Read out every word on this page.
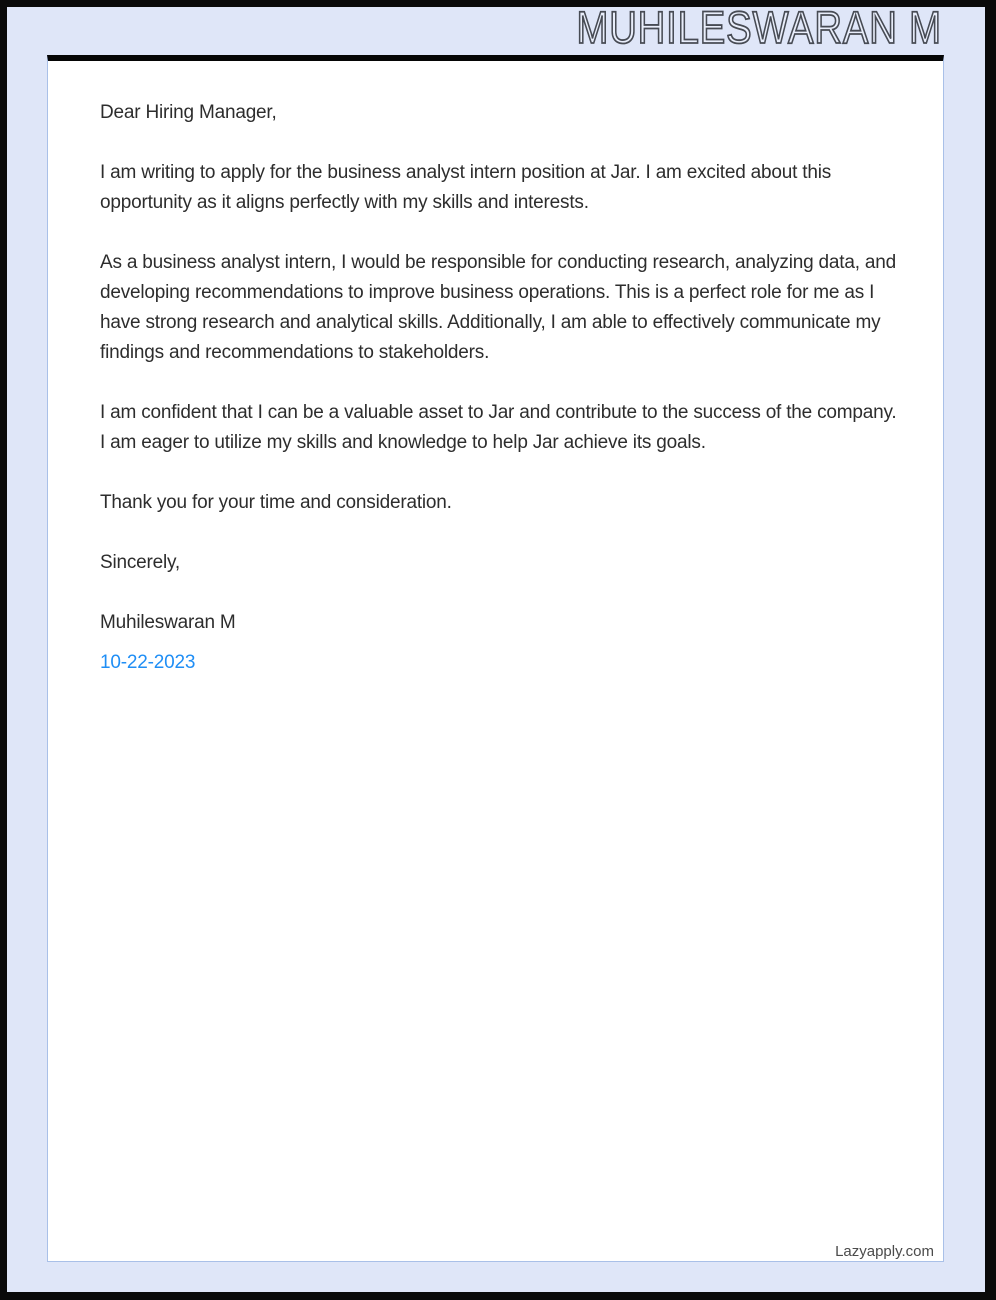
MUHILESWARAN M

Dear Hiring Manager,

I am writing to apply for the business analyst intern position at Jar. I am excited about this opportunity as it aligns perfectly with my skills and interests.

As a business analyst intern, I would be responsible for conducting research, analyzing data, and developing recommendations to improve business operations. This is a perfect role for me as I have strong research and analytical skills. Additionally, I am able to effectively communicate my findings and recommendations to stakeholders.

I am confident that I can be a valuable asset to Jar and contribute to the success of the company. I am eager to utilize my skills and knowledge to help Jar achieve its goals.

Thank you for your time and consideration.

Sincerely,

Muhileswaran M

10-22-2023
Lazyapply.com
